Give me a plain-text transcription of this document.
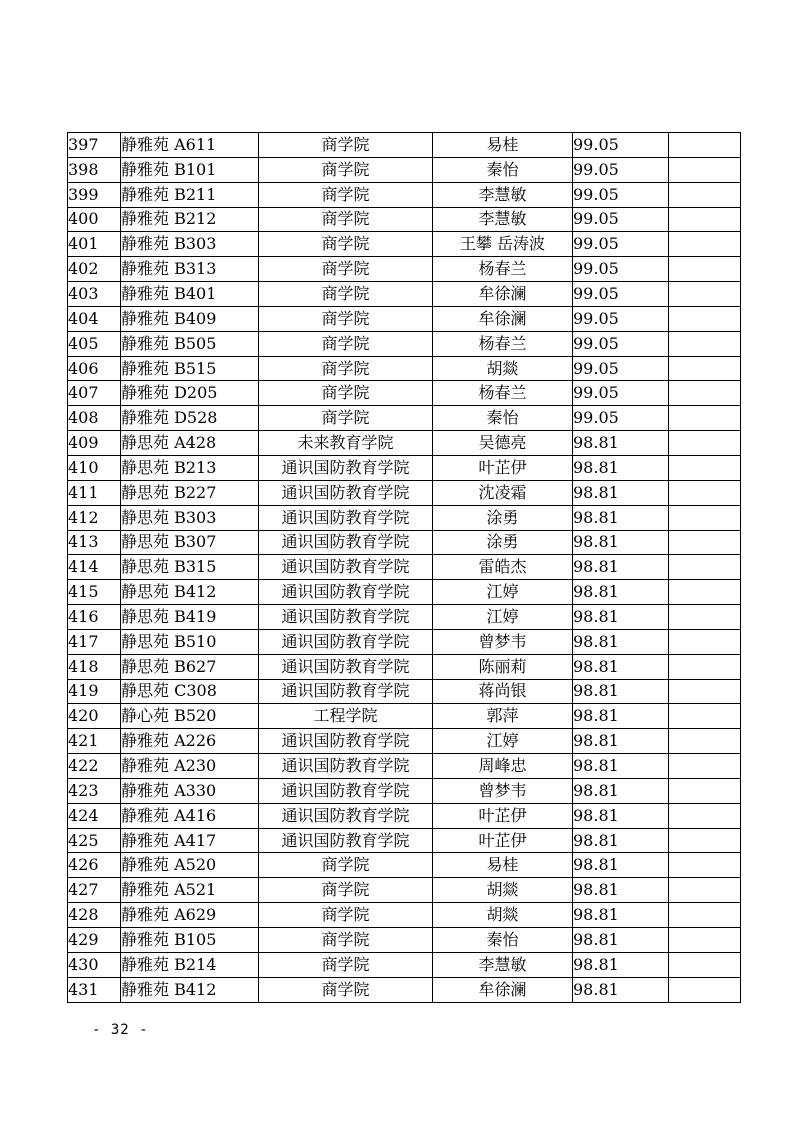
397	静雅苑 A611	商学院	易桂	99.05	
398	静雅苑 B101	商学院	秦怡	99.05	
399	静雅苑 B211	商学院	李慧敏	99.05	
400	静雅苑 B212	商学院	李慧敏	99.05	
401	静雅苑 B303	商学院	王攀 岳涛波	99.05	
402	静雅苑 B313	商学院	杨春兰	99.05	
403	静雅苑 B401	商学院	牟徐澜	99.05	
404	静雅苑 B409	商学院	牟徐澜	99.05	
405	静雅苑 B505	商学院	杨春兰	99.05	
406	静雅苑 B515	商学院	胡燚	99.05	
407	静雅苑 D205	商学院	杨春兰	99.05	
408	静雅苑 D528	商学院	秦怡	99.05	
409	静思苑 A428	未来教育学院	吴德亮	98.81	
410	静思苑 B213	通识国防教育学院	叶芷伊	98.81	
411	静思苑 B227	通识国防教育学院	沈凌霜	98.81	
412	静思苑 B303	通识国防教育学院	涂勇	98.81	
413	静思苑 B307	通识国防教育学院	涂勇	98.81	
414	静思苑 B315	通识国防教育学院	雷皓杰	98.81	
415	静思苑 B412	通识国防教育学院	江婷	98.81	
416	静思苑 B419	通识国防教育学院	江婷	98.81	
417	静思苑 B510	通识国防教育学院	曾梦韦	98.81	
418	静思苑 B627	通识国防教育学院	陈丽莉	98.81	
419	静思苑 C308	通识国防教育学院	蒋尚银	98.81	
420	静心苑 B520	工程学院	郭萍	98.81	
421	静雅苑 A226	通识国防教育学院	江婷	98.81	
422	静雅苑 A230	通识国防教育学院	周峰忠	98.81	
423	静雅苑 A330	通识国防教育学院	曾梦韦	98.81	
424	静雅苑 A416	通识国防教育学院	叶芷伊	98.81	
425	静雅苑 A417	通识国防教育学院	叶芷伊	98.81	
426	静雅苑 A520	商学院	易桂	98.81	
427	静雅苑 A521	商学院	胡燚	98.81	
428	静雅苑 A629	商学院	胡燚	98.81	
429	静雅苑 B105	商学院	秦怡	98.81	
430	静雅苑 B214	商学院	李慧敏	98.81	
431	静雅苑 B412	商学院	牟徐澜	98.81	
- 32 -
